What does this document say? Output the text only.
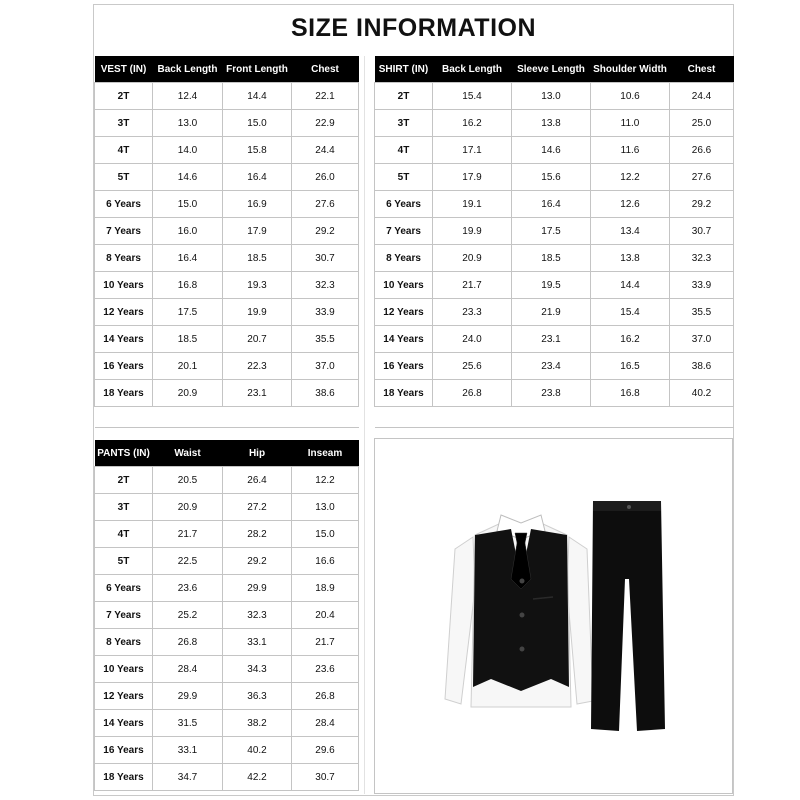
SIZE INFORMATION
VEST (IN)	Back Length	Front Length	Chest
2T	12.4	14.4	22.1
3T	13.0	15.0	22.9
4T	14.0	15.8	24.4
5T	14.6	16.4	26.0
6 Years	15.0	16.9	27.6
7 Years	16.0	17.9	29.2
8 Years	16.4	18.5	30.7
10 Years	16.8	19.3	32.3
12 Years	17.5	19.9	33.9
14 Years	18.5	20.7	35.5
16 Years	20.1	22.3	37.0
18 Years	20.9	23.1	38.6

SHIRT (IN)	Back Length	Sleeve Length	Shoulder Width	Chest
2T	15.4	13.0	10.6	24.4
3T	16.2	13.8	11.0	25.0
4T	17.1	14.6	11.6	26.6
5T	17.9	15.6	12.2	27.6
6 Years	19.1	16.4	12.6	29.2
7 Years	19.9	17.5	13.4	30.7
8 Years	20.9	18.5	13.8	32.3
10 Years	21.7	19.5	14.4	33.9
12 Years	23.3	21.9	15.4	35.5
14 Years	24.0	23.1	16.2	37.0
16 Years	25.6	23.4	16.5	38.6
18 Years	26.8	23.8	16.8	40.2

PANTS (IN)	Waist	Hip	Inseam
2T	20.5	26.4	12.2
3T	20.9	27.2	13.0
4T	21.7	28.2	15.0
5T	22.5	29.2	16.6
6 Years	23.6	29.9	18.9
7 Years	25.2	32.3	20.4
8 Years	26.8	33.1	21.7
10 Years	28.4	34.3	23.6
12 Years	29.9	36.3	26.8
14 Years	31.5	38.2	28.4
16 Years	33.1	40.2	29.6
18 Years	34.7	42.2	30.7
